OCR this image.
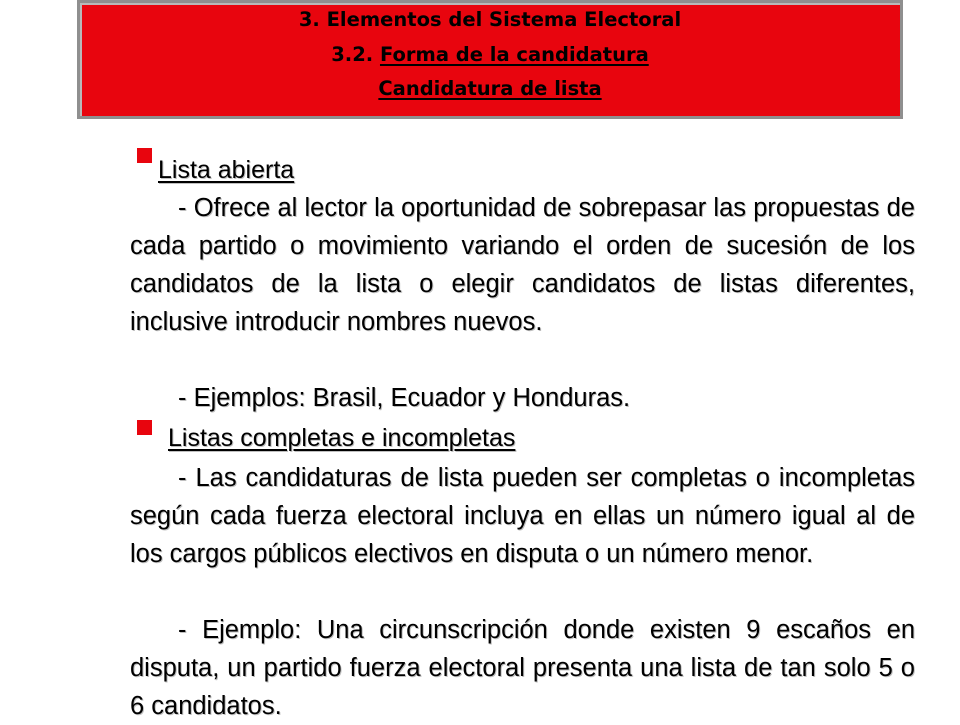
3. Elementos del Sistema Electoral
3.2. Forma de la candidatura
Candidatura de lista
Lista abierta
- Ofrece al lector la oportunidad de sobrepasar las propuestas de cada partido o movimiento variando el orden de sucesión de los candidatos de la lista o elegir candidatos de listas diferentes, inclusive introducir nombres nuevos.
- Ejemplos: Brasil, Ecuador y Honduras.
Listas completas e incompletas
- Las candidaturas de lista pueden ser completas o incompletas según cada fuerza electoral incluya en ellas un número igual al de los cargos públicos electivos en disputa o un número menor.
- Ejemplo: Una circunscripción donde existen 9 escaños en disputa, un partido fuerza electoral presenta una lista de tan solo 5 o 6 candidatos.
